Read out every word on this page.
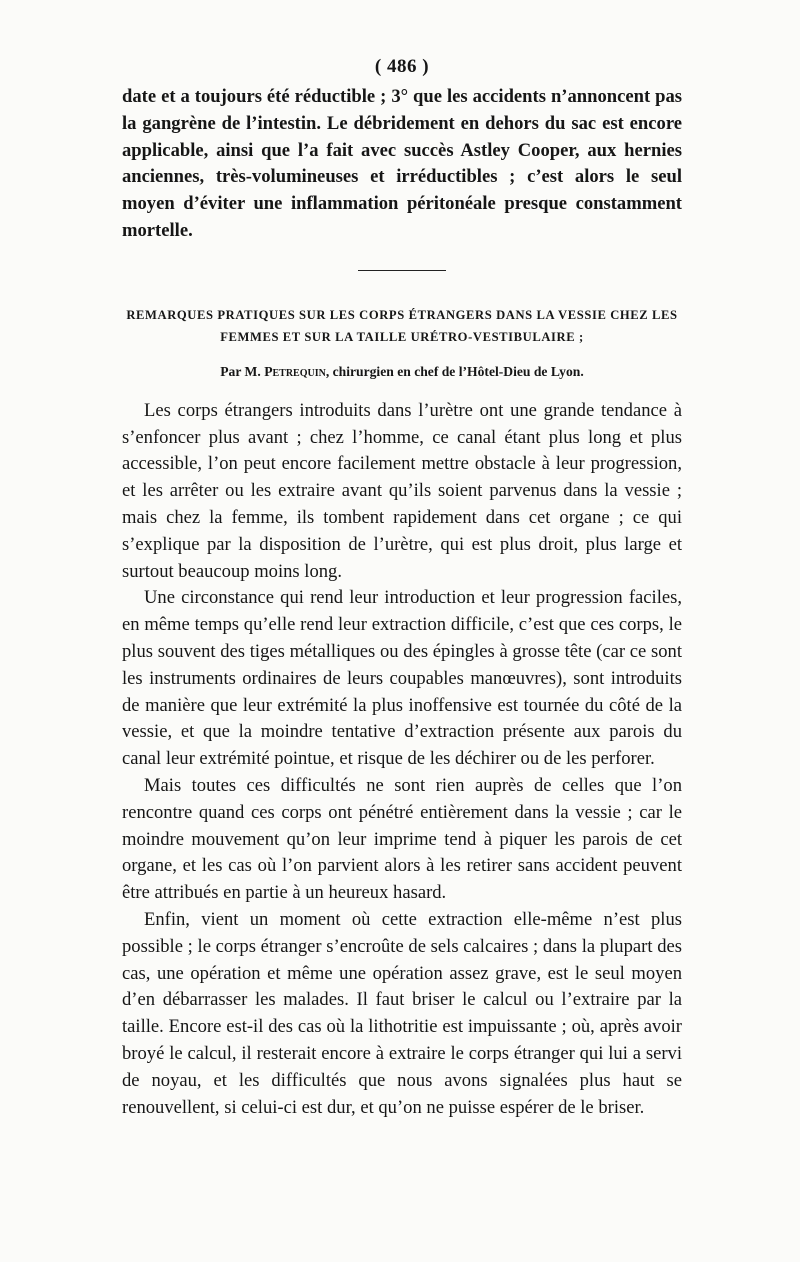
( 486 )

date et a toujours été réductible ; 3° que les accidents n’annoncent pas la gangrène de l’intestin. Le débridement en dehors du sac est encore applicable, ainsi que l’a fait avec succès Astley Cooper, aux hernies anciennes, très-volumineuses et irréductibles ; c’est alors le seul moyen d’éviter une inflammation péritonéale presque constamment mortelle.

REMARQUES PRATIQUES SUR LES CORPS ÉTRANGERS DANS LA VESSIE CHEZ LES FEMMES ET SUR LA TAILLE URÉTRO-VESTIBULAIRE ;
Par M. Petrequin, chirurgien en chef de l’Hôtel-Dieu de Lyon.

Les corps étrangers introduits dans l’urètre ont une grande tendance à s’enfoncer plus avant ; chez l’homme, ce canal étant plus long et plus accessible, l’on peut encore facilement mettre obstacle à leur progression, et les arrêter ou les extraire avant qu’ils soient parvenus dans la vessie ; mais chez la femme, ils tombent rapidement dans cet organe ; ce qui s’explique par la disposition de l’urètre, qui est plus droit, plus large et surtout beaucoup moins long.

Une circonstance qui rend leur introduction et leur progression faciles, en même temps qu’elle rend leur extraction difficile, c’est que ces corps, le plus souvent des tiges métalliques ou des épingles à grosse tête (car ce sont les instruments ordinaires de leurs coupables manœuvres), sont introduits de manière que leur extrémité la plus inoffensive est tournée du côté de la vessie, et que la moindre tentative d’extraction présente aux parois du canal leur extrémité pointue, et risque de les déchirer ou de les perforer.

Mais toutes ces difficultés ne sont rien auprès de celles que l’on rencontre quand ces corps ont pénétré entièrement dans la vessie ; car le moindre mouvement qu’on leur imprime tend à piquer les parois de cet organe, et les cas où l’on parvient alors à les retirer sans accident peuvent être attribués en partie à un heureux hasard.

Enfin, vient un moment où cette extraction elle-même n’est plus possible ; le corps étranger s’encroûte de sels calcaires ; dans la plupart des cas, une opération et même une opération assez grave, est le seul moyen d’en débarrasser les malades. Il faut briser le calcul ou l’extraire par la taille. Encore est-il des cas où la lithotritie est impuissante ; où, après avoir broyé le calcul, il resterait encore à extraire le corps étranger qui lui a servi de noyau, et les difficultés que nous avons signalées plus haut se renouvellent, si celui-ci est dur, et qu’on ne puisse espérer de le briser.
